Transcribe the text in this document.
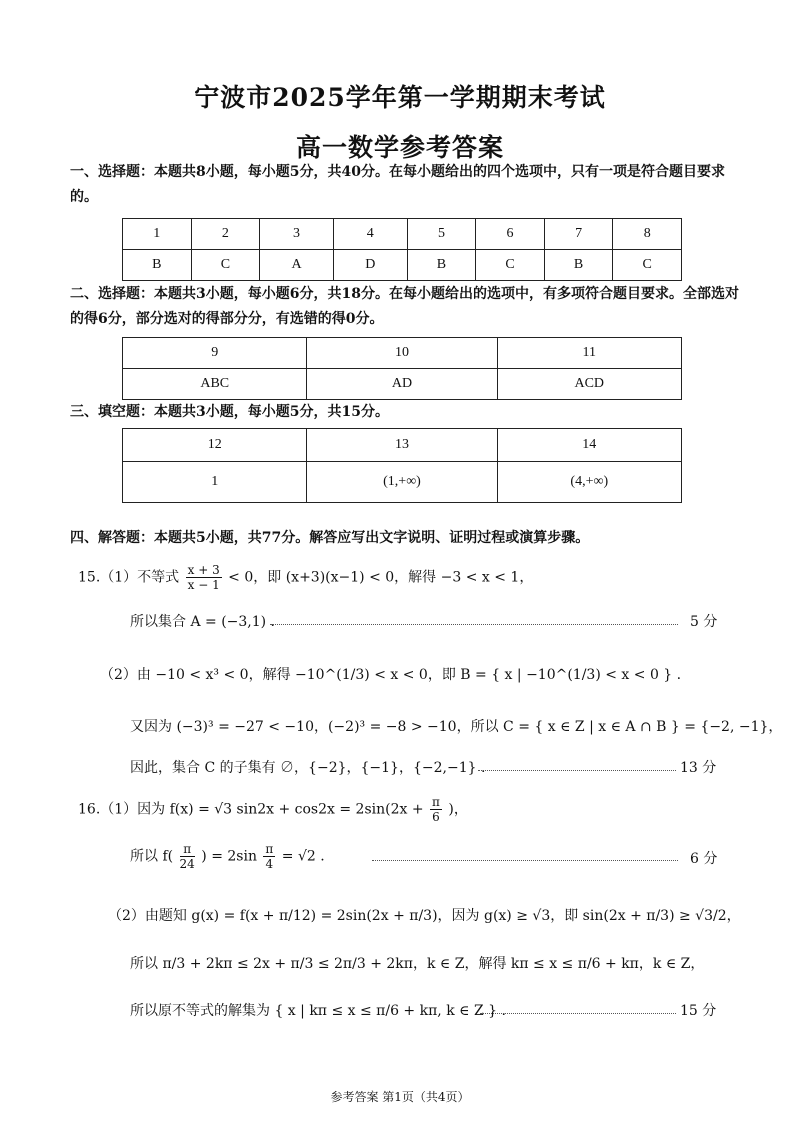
宁波市2025学年第一学期期末考试
高一数学参考答案
一、选择题：本题共8小题，每小题5分，共40分。在每小题给出的四个选项中，只有一项是符合题目要求的。
1	2	3	4	5	6	7	8
B	C	A	D	B	C	B	C
二、选择题：本题共3小题，每小题6分，共18分。在每小题给出的选项中，有多项符合题目要求。全部选对的得6分，部分选对的得部分分，有选错的得0分。
9	10	11
ABC	AD	ACD
三、填空题：本题共3小题，每小题5分，共15分。
12	13	14
1	(1,+∞)	(4,+∞)
四、解答题：本题共5小题，共77分。解答应写出文字说明、证明过程或演算步骤。
15.（1）不等式 $\frac{x + 3}{x - 1} < 0$，即 (x+3)(x−1) < 0，解得 −3 < x < 1，
所以集合 A = (−3,1) .	5 分
（2）由 −10 < x³ < 0，解得 −10^(1/3) < x < 0，即 B = { x | −10^(1/3) < x < 0 } .
又因为 (−3)³ = −27 < −10，(−2)³ = −8 > −10，所以 C = { x ∈ Z | x ∈ A ∩ B } = {−2, −1}，
因此，集合 C 的子集有 ∅，{−2}，{−1}，{−2,−1} .	13 分
16.（1）因为 f(x) = √3 $\sin 2x + \cos 2x = 2\sin(2x + \frac{\pi}{6}$ )，
所以 $f( \frac{\pi}{24}$ ) = $2\sin \frac{\pi}{4} = √2$ .	6 分
（2）由题知 g(x) = f(x + π/12) = 2sin(2x + π/3)，因为 g(x) ≥ √3，即 sin(2x + π/3) ≥ √3/2，
所以 π/3 + 2kπ ≤ 2x + π/3 ≤ 2π/3 + 2kπ，k ∈ Z，解得 kπ ≤ x ≤ π/6 + kπ，k ∈ Z，
所以原不等式的解集为 { x | kπ ≤ x ≤ π/6 + kπ, k ∈ Z } .	15 分
参考答案 第1页（共4页）
